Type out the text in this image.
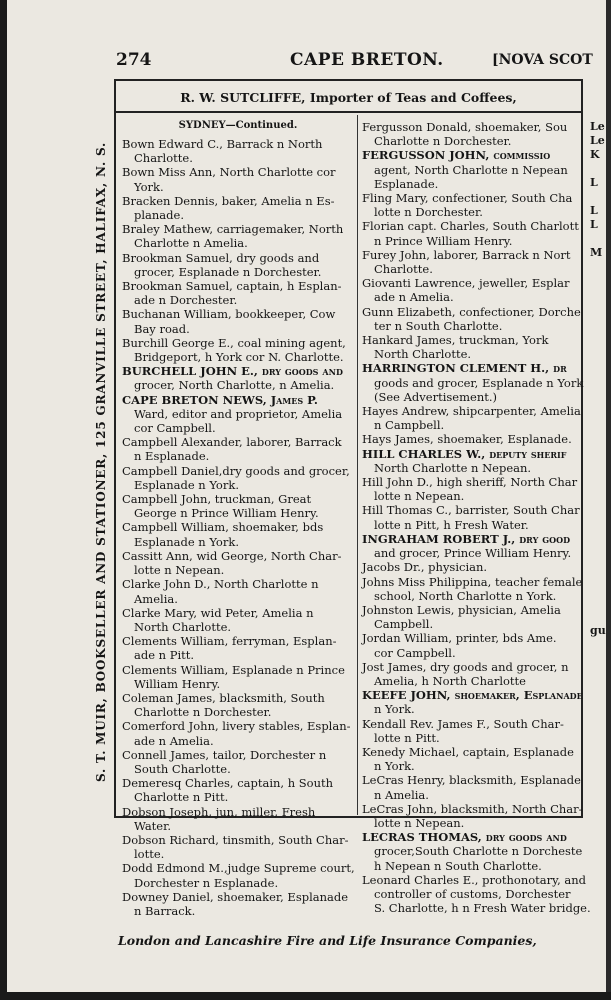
274	CAPE BRETON.	[NOVA SCOT
R. W. SUTCLIFFE, Importer of Teas and Coffees,
S. T. MUIR, BOOKSELLER AND STATIONER, 125 GRANVILLE STREET, HALIFAX, N. S.
SYDNEY—Continued.
Bown Edward C., Barrack n North
Charlotte.
Bown Miss Ann, North Charlotte cor
York.
Bracken Dennis, baker, Amelia n Es-
planade.
Braley Mathew, carriagemaker, North
Charlotte n Amelia.
Brookman Samuel, dry goods and
grocer, Esplanade n Dorchester.
Brookman Samuel, captain, h Esplan-
ade n Dorchester.
Buchanan William, bookkeeper, Cow
Bay road.
Burchill George E., coal mining agent,
Bridgeport, h York cor N. Charlotte.
BURCHELL JOHN E., dry goods and
grocer, North Charlotte, n Amelia.
CAPE BRETON NEWS, James P.
Ward, editor and proprietor, Amelia
cor Campbell.
Campbell Alexander, laborer, Barrack
n Esplanade.
Campbell Daniel,dry goods and grocer,
Esplanade n York.
Campbell John, truckman, Great
George n Prince William Henry.
Campbell William, shoemaker, bds
Esplanade n York.
Cassitt Ann, wid George, North Char-
lotte n Nepean.
Clarke John D., North Charlotte n
Amelia.
Clarke Mary, wid Peter, Amelia n
North Charlotte.
Clements William, ferryman, Esplan-
ade n Pitt.
Clements William, Esplanade n Prince
William Henry.
Coleman James, blacksmith, South
Charlotte n Dorchester.
Comerford John, livery stables, Esplan-
ade n Amelia.
Connell James, tailor, Dorchester n
South Charlotte.
Demeresq Charles, captain, h South
Charlotte n Pitt.
Dobson Joseph, jun, miller, Fresh
Water.
Dobson Richard, tinsmith, South Char-
lotte.
Dodd Edmond M.,judge Supreme court,
Dorchester n Esplanade.
Downey Daniel, shoemaker, Esplanade
n Barrack.
Fergusson Donald, shoemaker, Sou
Charlotte n Dorchester.
FERGUSSON JOHN, commissio
agent, North Charlotte n Nepean
Esplanade.
Fling Mary, confectioner, South Cha
lotte n Dorchester.
Florian capt. Charles, South Charlott
n Prince William Henry.
Furey John, laborer, Barrack n Nort
Charlotte.
Giovanti Lawrence, jeweller, Esplar
ade n Amelia.
Gunn Elizabeth, confectioner, Dorche
ter n South Charlotte.
Hankard James, truckman, York
North Charlotte.
HARRINGTON CLEMENT H., dr
goods and grocer, Esplanade n York
(See Advertisement.)
Hayes Andrew, shipcarpenter, Amelia
n Campbell.
Hays James, shoemaker, Esplanade.
HILL CHARLES W., deputy sherif
North Charlotte n Nepean.
Hill John D., high sheriff, North Char
lotte n Nepean.
Hill Thomas C., barrister, South Char
lotte n Pitt, h Fresh Water.
INGRAHAM ROBERT J., dry good
and grocer, Prince William Henry.
Jacobs Dr., physician.
Johns Miss Philippina, teacher female
school, North Charlotte n York.
Johnston Lewis, physician, Amelia
Campbell.
Jordan William, printer, bds Ame.
cor Campbell.
Jost James, dry goods and grocer, n
Amelia, h North Charlotte
KEEFE JOHN, shoemaker, Esplanade
n York.
Kendall Rev. James F., South Char-
lotte n Pitt.
Kenedy Michael, captain, Esplanade
n York.
LeCras Henry, blacksmith, Esplanade
n Amelia.
LeCras John, blacksmith, North Char-
lotte n Nepean.
LECRAS THOMAS, dry goods and
grocer,South Charlotte n Dorcheste
h Nepean n South Charlotte.
Leonard Charles E., prothonotary, and
controller of customs, Dorchester
S. Charlotte, h n Fresh Water bridge.
Le
Le
K
L
L
L
M
gu
London and Lancashire Fire and Life Insurance Companies,
